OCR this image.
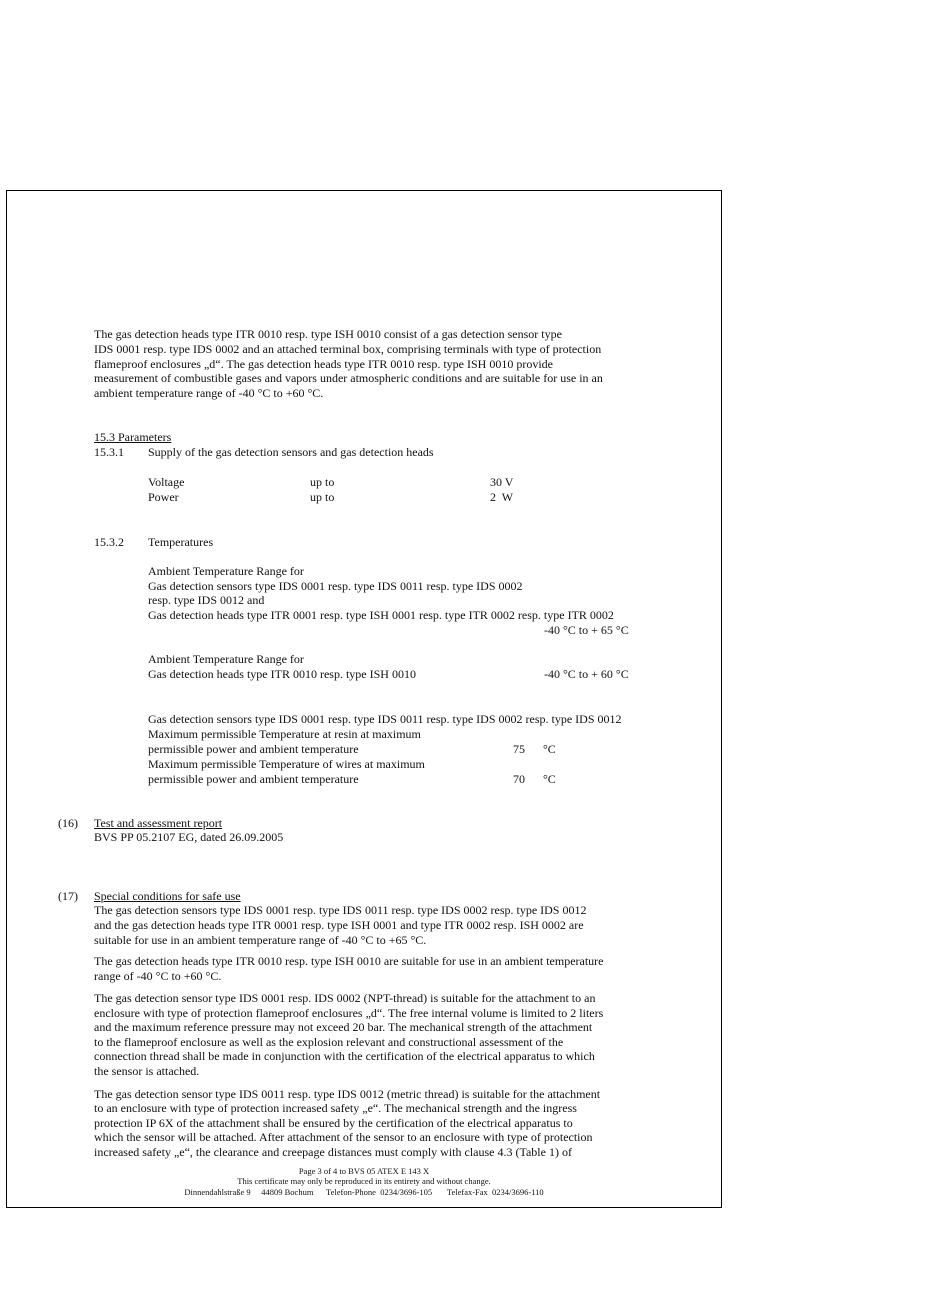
The gas detection heads type ITR 0010 resp. type ISH 0010 consist of a gas detection sensor type
IDS 0001 resp. type IDS 0002 and an attached terminal box, comprising terminals with type of protection
flameproof enclosures „d“. The gas detection heads type ITR 0010 resp. type ISH 0010 provide
measurement of combustible gases and vapors under atmospheric conditions and are suitable for use in an
ambient temperature range of -40 °C to +60 °C.
15.3 Parameters
15.3.1 Supply of the gas detection sensors and gas detection heads
Voltage	up to	30 V
Power	up to	2  W
15.3.2 Temperatures
Ambient Temperature Range for
Gas detection sensors type IDS 0001 resp. type IDS 0011 resp. type IDS 0002
resp. type IDS 0012 and
Gas detection heads type ITR 0001 resp. type ISH 0001 resp. type ITR 0002 resp. type ITR 0002
-40 °C to + 65 °C
Ambient Temperature Range for
Gas detection heads type ITR 0010 resp. type ISH 0010	-40 °C to + 60 °C
Gas detection sensors type IDS 0001 resp. type IDS 0011 resp. type IDS 0002 resp. type IDS 0012
Maximum permissible Temperature at resin at maximum
permissible power and ambient temperature	75 °C
Maximum permissible Temperature of wires at maximum
permissible power and ambient temperature	70 °C
(16) Test and assessment report
BVS PP 05.2107 EG, dated 26.09.2005
(17) Special conditions for safe use
The gas detection sensors type IDS 0001 resp. type IDS 0011 resp. type IDS 0002 resp. type IDS 0012
and the gas detection heads type ITR 0001 resp. type ISH 0001 and type ITR 0002 resp. ISH 0002 are
suitable for use in an ambient temperature range of -40 °C to +65 °C.
The gas detection heads type ITR 0010 resp. type ISH 0010 are suitable for use in an ambient temperature
range of -40 °C to +60 °C.
The gas detection sensor type IDS 0001 resp. IDS 0002 (NPT-thread) is suitable for the attachment to an
enclosure with type of protection flameproof enclosures „d“. The free internal volume is limited to 2 liters
and the maximum reference pressure may not exceed 20 bar. The mechanical strength of the attachment
to the flameproof enclosure as well as the explosion relevant and constructional assessment of the
connection thread shall be made in conjunction with the certification of the electrical apparatus to which
the sensor is attached.
The gas detection sensor type IDS 0011 resp. type IDS 0012 (metric thread) is suitable for the attachment
to an enclosure with type of protection increased safety „e“. The mechanical strength and the ingress
protection IP 6X of the attachment shall be ensured by the certification of the electrical apparatus to
which the sensor will be attached. After attachment of the sensor to an enclosure with type of protection
increased safety „e“, the clearance and creepage distances must comply with clause 4.3 (Table 1) of
Page 3 of 4 to BVS 05 ATEX E 143 X
This certificate may only be reproduced in its entirety and without change.
Dinnendahlstraße 9     44809 Bochum      Telefon-Phone  0234/3696-105       Telefax-Fax  0234/3696-110
